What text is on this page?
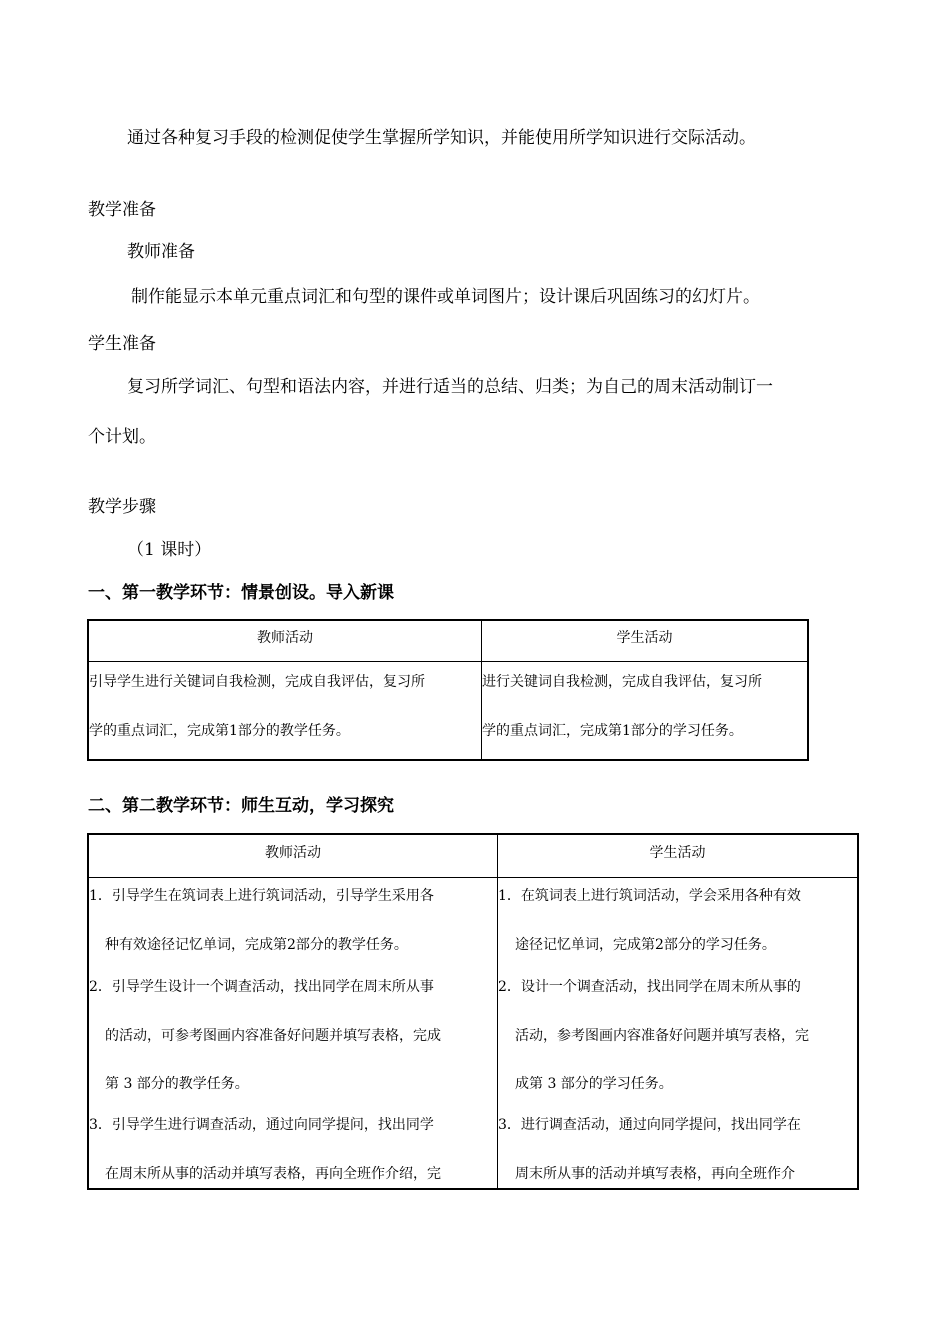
通过各种复习手段的检测促使学生掌握所学知识，并能使用所学知识进行交际活动。
教学准备
教师准备
制作能显示本单元重点词汇和句型的课件或单词图片；设计课后巩固练习的幻灯片。
学生准备
复习所学词汇、句型和语法内容，并进行适当的总结、归类；为自己的周末活动制订一
个计划。
教学步骤
（1 课时）
一、第一教学环节：情景创设。导入新课
教师活动	学生活动
引导学生进行关键词自我检测，完成自我评估，复习所
学的重点词汇，完成第1部分的教学任务。
进行关键词自我检测，完成自我评估，复习所
学的重点词汇，完成第1部分的学习任务。
二、第二教学环节：师生互动，学习探究
教师活动	学生活动
1．引导学生在筑词表上进行筑词活动，引导学生采用各
种有效途径记忆单词，完成第2部分的教学任务。
2．引导学生设计一个调查活动，找出同学在周末所从事
的活动，可参考图画内容准备好问题并填写表格，完成
第 3 部分的教学任务。
3．引导学生进行调查活动，通过向同学提问，找出同学
在周末所从事的活动并填写表格，再向全班作介绍，完
1．在筑词表上进行筑词活动，学会采用各种有效
途径记忆单词，完成第2部分的学习任务。
2．设计一个调查活动，找出同学在周末所从事的
活动，参考图画内容准备好问题并填写表格，完
成第 3 部分的学习任务。
3．进行调查活动，通过向同学提问，找出同学在
周末所从事的活动并填写表格，再向全班作介
